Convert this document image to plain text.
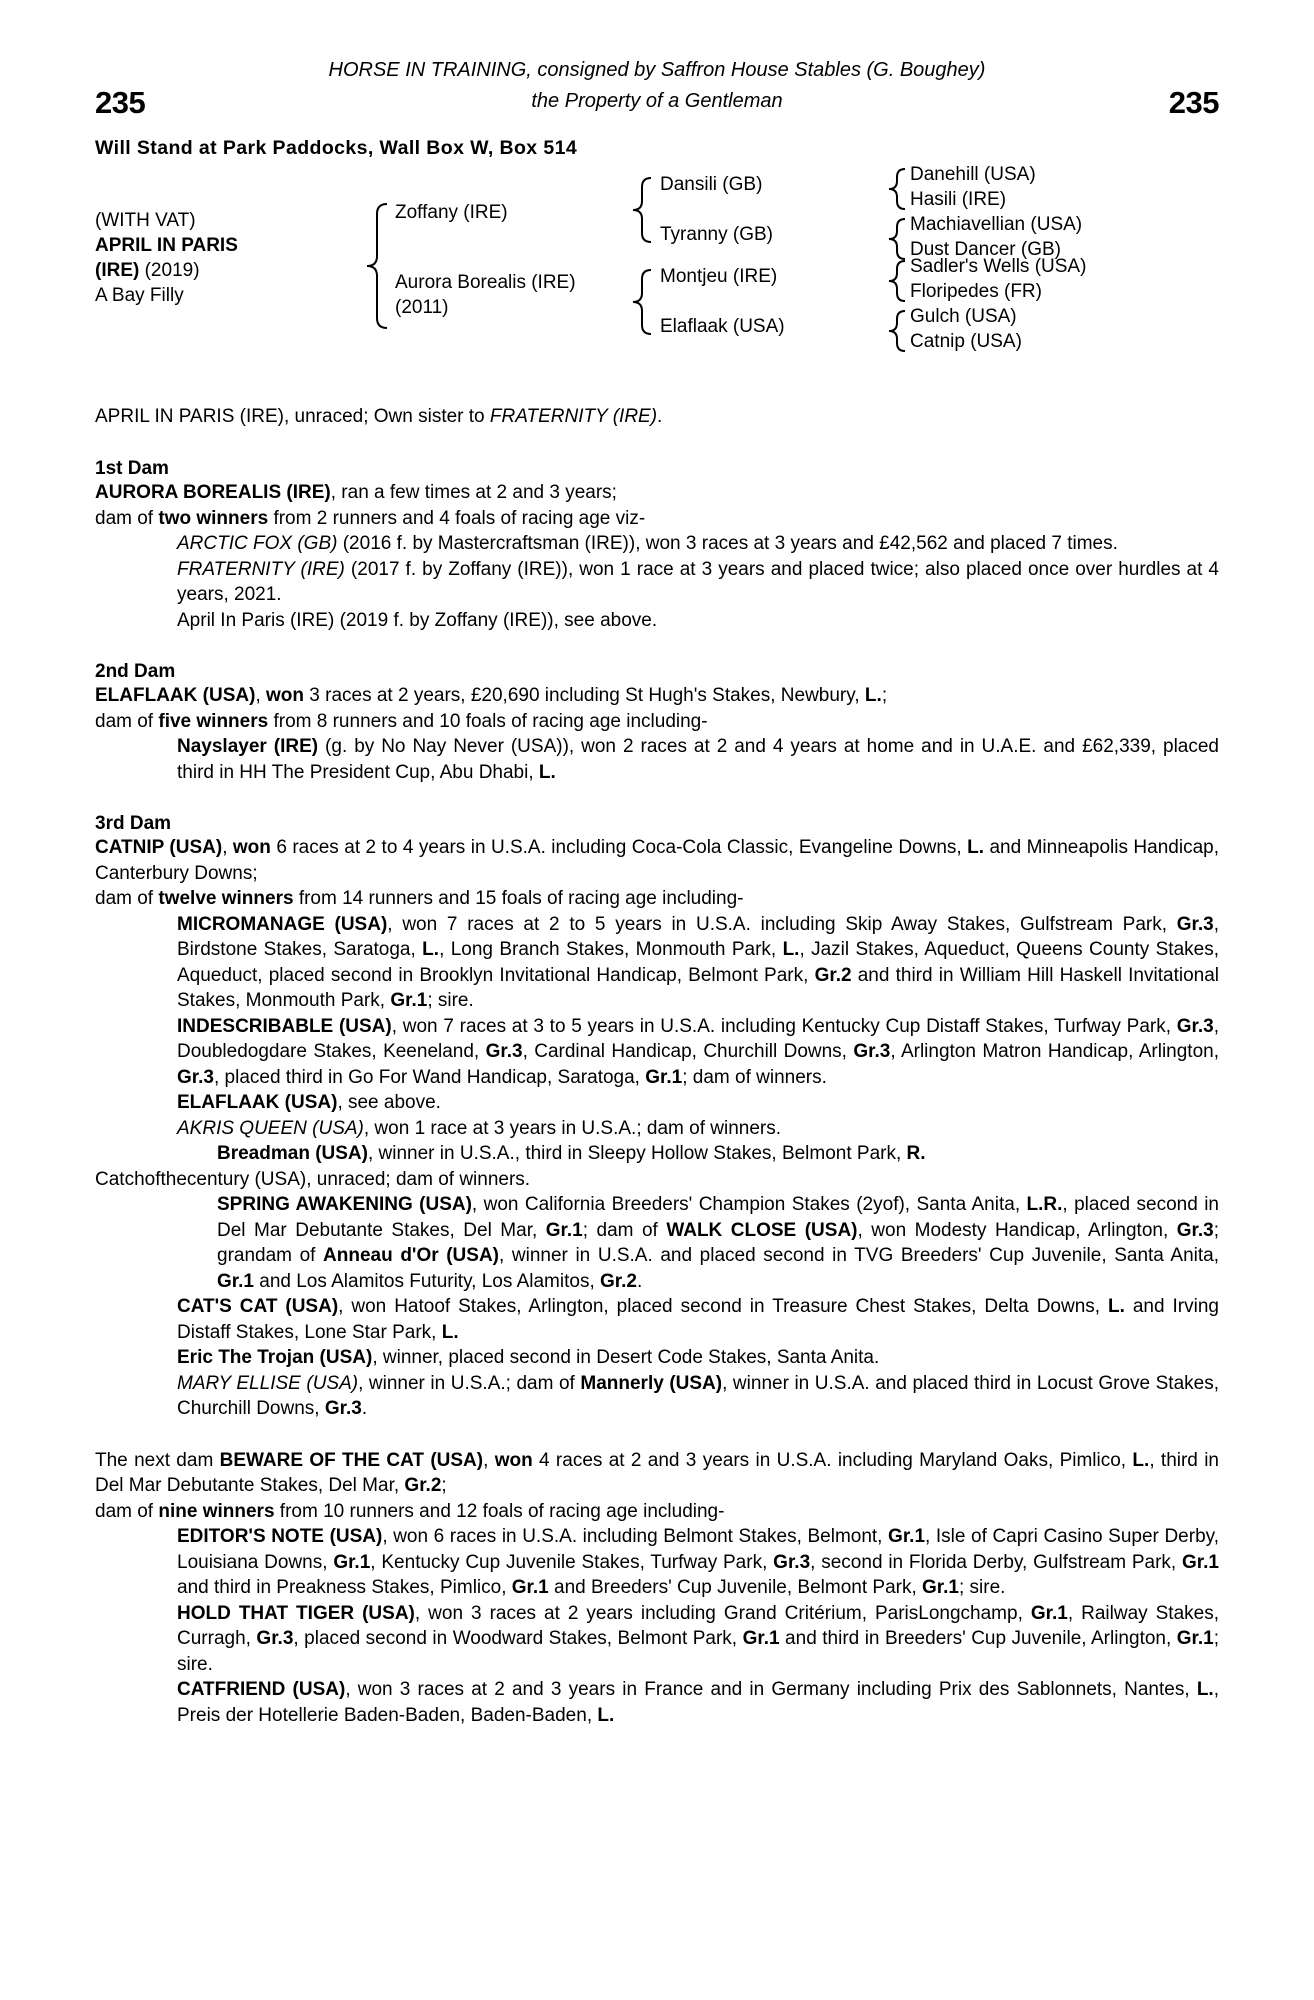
235	235
HORSE IN TRAINING, consigned by Saffron House Stables (G. Boughey)
the Property of a Gentleman
Will Stand at Park Paddocks, Wall Box W, Box 514
(WITH VAT)
APRIL IN PARIS
(IRE) (2019)
A Bay Filly
Zoffany (IRE)
Aurora Borealis (IRE)
(2011)
Dansili (GB)
Tyranny (GB)
Montjeu (IRE)
Elaflaak (USA)
Danehill (USA)
Hasili (IRE)
Machiavellian (USA)
Dust Dancer (GB)
Sadler's Wells (USA)
Floripedes (FR)
Gulch (USA)
Catnip (USA)
APRIL IN PARIS (IRE), unraced; Own sister to FRATERNITY (IRE).
1st Dam

AURORA BOREALIS (IRE), ran a few times at 2 and 3 years;

dam of two winners from 2 runners and 4 foals of racing age viz-

ARCTIC FOX (GB) (2016 f. by Mastercraftsman (IRE)), won 3 races at 3 years and £42,562 and placed 7 times.

FRATERNITY (IRE) (2017 f. by Zoffany (IRE)), won 1 race at 3 years and placed twice; also placed once over hurdles at 4 years, 2021.

April In Paris (IRE) (2019 f. by Zoffany (IRE)), see above.

2nd Dam

ELAFLAAK (USA), won 3 races at 2 years, £20,690 including St Hugh's Stakes, Newbury, L.;

dam of five winners from 8 runners and 10 foals of racing age including-

Nayslayer (IRE) (g. by No Nay Never (USA)), won 2 races at 2 and 4 years at home and in U.A.E. and £62,339, placed third in HH The President Cup, Abu Dhabi, L.

3rd Dam

CATNIP (USA), won 6 races at 2 to 4 years in U.S.A. including Coca-Cola Classic, Evangeline Downs, L. and Minneapolis Handicap, Canterbury Downs;

dam of twelve winners from 14 runners and 15 foals of racing age including-

MICROMANAGE (USA), won 7 races at 2 to 5 years in U.S.A. including Skip Away Stakes, Gulfstream Park, Gr.3, Birdstone Stakes, Saratoga, L., Long Branch Stakes, Monmouth Park, L., Jazil Stakes, Aqueduct, Queens County Stakes, Aqueduct, placed second in Brooklyn Invitational Handicap, Belmont Park, Gr.2 and third in William Hill Haskell Invitational Stakes, Monmouth Park, Gr.1; sire.

INDESCRIBABLE (USA), won 7 races at 3 to 5 years in U.S.A. including Kentucky Cup Distaff Stakes, Turfway Park, Gr.3, Doubledogdare Stakes, Keeneland, Gr.3, Cardinal Handicap, Churchill Downs, Gr.3, Arlington Matron Handicap, Arlington, Gr.3, placed third in Go For Wand Handicap, Saratoga, Gr.1; dam of winners.

ELAFLAAK (USA), see above.

AKRIS QUEEN (USA), won 1 race at 3 years in U.S.A.; dam of winners.

Breadman (USA), winner in U.S.A., third in Sleepy Hollow Stakes, Belmont Park, R.

Catchofthecentury (USA), unraced; dam of winners.

SPRING AWAKENING (USA), won California Breeders' Champion Stakes (2yof), Santa Anita, L.R., placed second in Del Mar Debutante Stakes, Del Mar, Gr.1; dam of WALK CLOSE (USA), won Modesty Handicap, Arlington, Gr.3; grandam of Anneau d'Or (USA), winner in U.S.A. and placed second in TVG Breeders' Cup Juvenile, Santa Anita, Gr.1 and Los Alamitos Futurity, Los Alamitos, Gr.2.

CAT'S CAT (USA), won Hatoof Stakes, Arlington, placed second in Treasure Chest Stakes, Delta Downs, L. and Irving Distaff Stakes, Lone Star Park, L.

Eric The Trojan (USA), winner, placed second in Desert Code Stakes, Santa Anita.

MARY ELLISE (USA), winner in U.S.A.; dam of Mannerly (USA), winner in U.S.A. and placed third in Locust Grove Stakes, Churchill Downs, Gr.3.

The next dam BEWARE OF THE CAT (USA), won 4 races at 2 and 3 years in U.S.A. including Maryland Oaks, Pimlico, L., third in Del Mar Debutante Stakes, Del Mar, Gr.2;

dam of nine winners from 10 runners and 12 foals of racing age including-

EDITOR'S NOTE (USA), won 6 races in U.S.A. including Belmont Stakes, Belmont, Gr.1, Isle of Capri Casino Super Derby, Louisiana Downs, Gr.1, Kentucky Cup Juvenile Stakes, Turfway Park, Gr.3, second in Florida Derby, Gulfstream Park, Gr.1 and third in Preakness Stakes, Pimlico, Gr.1 and Breeders' Cup Juvenile, Belmont Park, Gr.1; sire.

HOLD THAT TIGER (USA), won 3 races at 2 years including Grand Critérium, ParisLongchamp, Gr.1, Railway Stakes, Curragh, Gr.3, placed second in Woodward Stakes, Belmont Park, Gr.1 and third in Breeders' Cup Juvenile, Arlington, Gr.1; sire.

CATFRIEND (USA), won 3 races at 2 and 3 years in France and in Germany including Prix des Sablonnets, Nantes, L., Preis der Hotellerie Baden-Baden, Baden-Baden, L.
